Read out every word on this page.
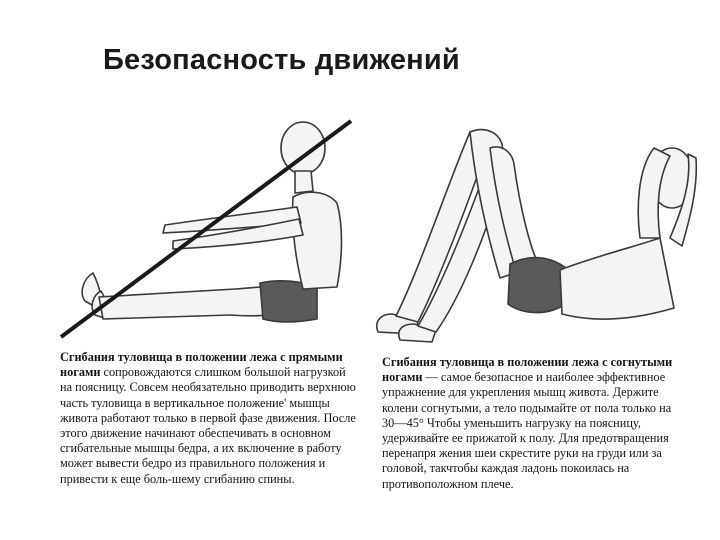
Безопасность движений

Сгибания туловища в положении лежа с прямыми ногами сопровождаются слишком большой нагрузкой на поясницу. Совсем необязательно приводить верхнюю часть туловища в вертикальное положение' мышцы живота работают только в первой фазе движения. После этого движение начинают обеспечивать в основном сгибательные мышцы бедра, а их включение в работу может вывести бедро из правильного положения и привести к еще боль-шему сгибанию спины.

Сгибания туловища в положении лежа с согнутыми ногами — самое безопасное и наиболее эффективное упражнение для укрепления мышц живота. Держите колени согнутыми, а тело подымайте от пола только на 30—45° Чтобы уменьшить нагрузку на поясницу, удерживайте ее прижатой к полу. Для предотвращения перенапря жения шеи скрестите руки на груди или за головой, такчтобы каждая ладонь покоилась на противоположном плече.
